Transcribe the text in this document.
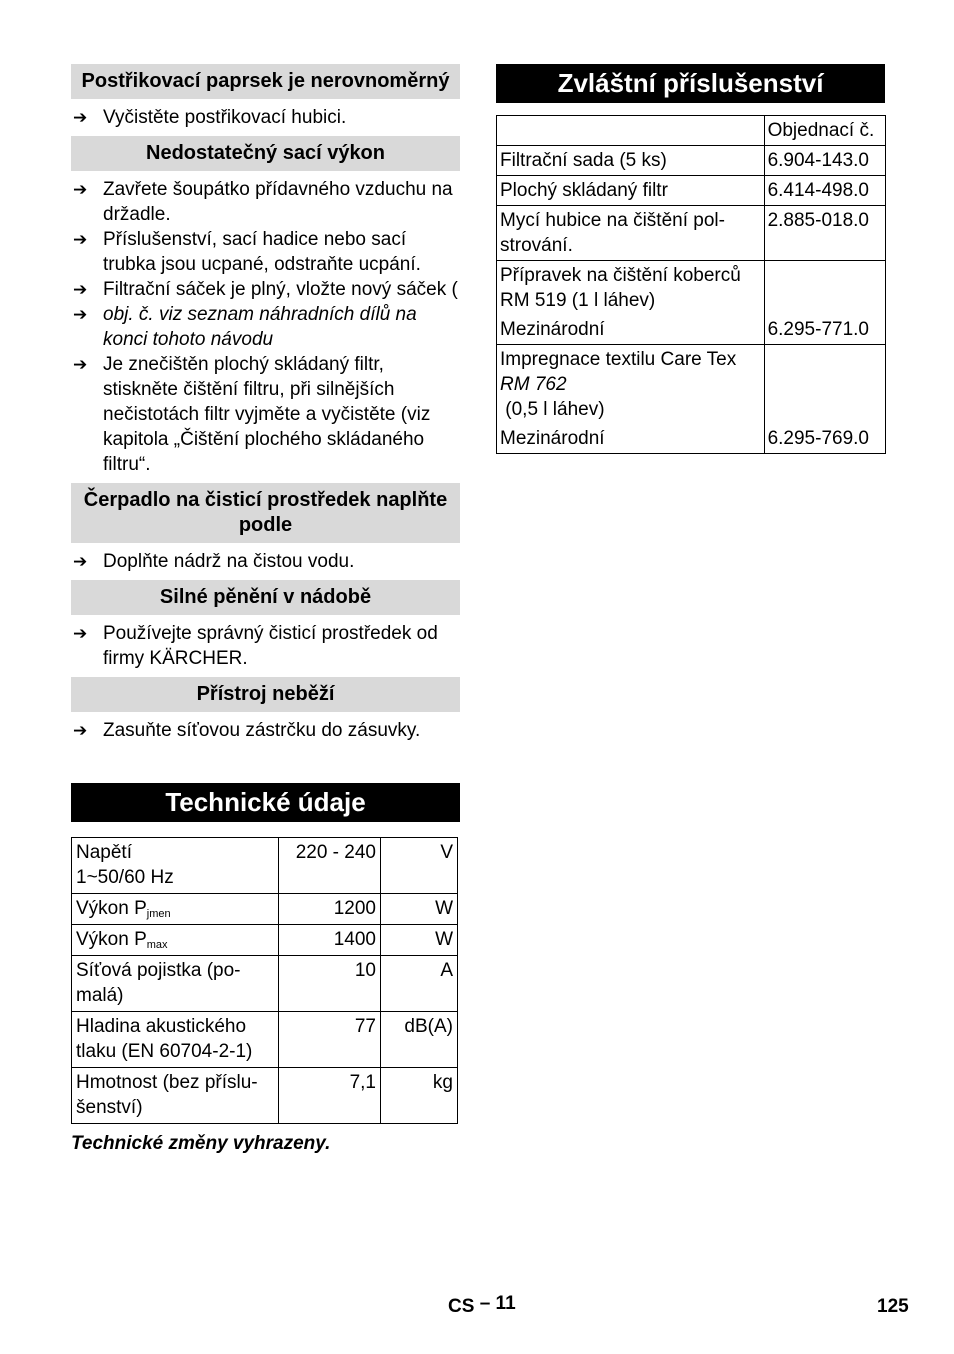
Postřikovací paprsek je nerovnoměrný
➔ Vyčistěte postřikovací hubici.
Nedostatečný sací výkon
➔ Zavřete šoupátko přídavného vzduchu na držadle.
➔ Příslušenství, sací hadice nebo sací trubka jsou ucpané, odstraňte ucpání.
➔ Filtrační sáček je plný, vložte nový sáček (
➔ obj. č. viz seznam náhradních dílů na konci tohoto návodu
➔ Je znečištěn plochý skládaný filtr, stiskněte čištění filtru, při silnějších nečistotách filtr vyjměte a vyčistěte (viz kapitola „Čištění plochého skládaného filtru“.
Čerpadlo na čisticí prostředek naplňte podle
➔ Doplňte nádrž na čistou vodu.
Silné pěnění v nádobě
➔ Používejte správný čisticí prostředek od firmy KÄRCHER.
Přístroj neběží
➔ Zasuňte síťovou zástrčku do zásuvky.
Technické údaje
Napětí
1~50/60 Hz	220 - 240	V
Výkon $P_{jmen}$	1200	W
Výkon $P_{max}$	1400	W
Síťová pojistka (po-
malá)	10	A
Hladina akustického
tlaku (EN 60704-2-1)	77	dB(A)
Hmotnost (bez příslu-
šenství)	7,1	kg
Technické změny vyhrazeny.
Zvláštní příslušenství
	Objednací č.

Filtrační sada (5 ks)	6.904-143.0

Plochý skládaný filtr	6.414-498.0

Mycí hubice na čištění pol-
strování.	2.885-018.0

Přípravek na čištění koberců
RM 519 (1 l láhev)
Mezinárodní	6.295-771.0

Impregnace textilu Care Tex
RM 762
(0,5 l láhev)
Mezinárodní	6.295-769.0
CS – 11	125
